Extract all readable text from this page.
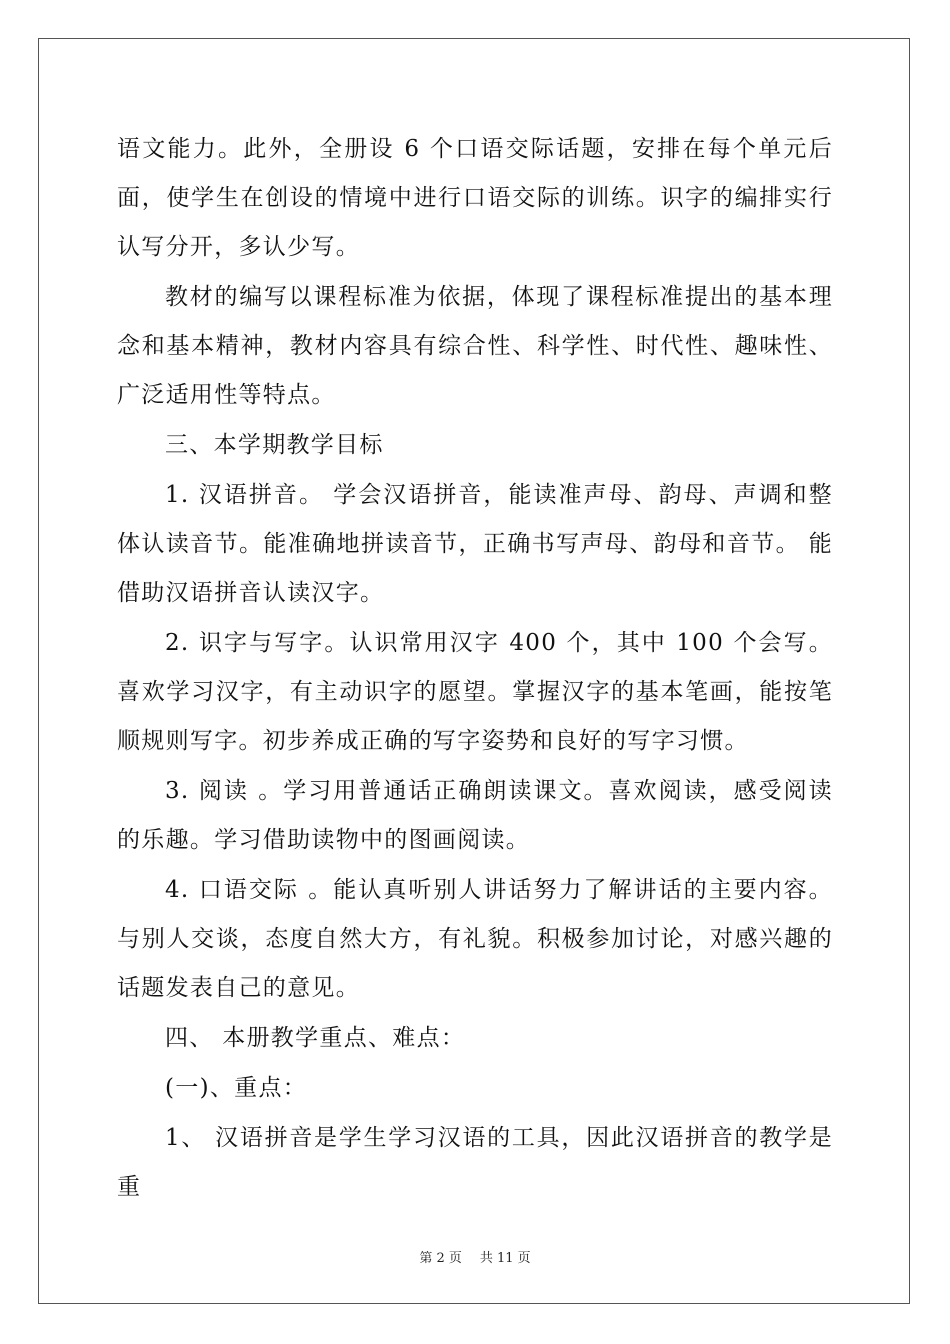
语文能力。此外，全册设 6 个口语交际话题，安排在每个单元后面，使学生在创设的情境中进行口语交际的训练。识字的编排实行认写分开，多认少写。

教材的编写以课程标准为依据，体现了课程标准提出的基本理念和基本精神，教材内容具有综合性、科学性、时代性、趣味性、广泛适用性等特点。

三、本学期教学目标

1. 汉语拼音。 学会汉语拼音，能读准声母、韵母、声调和整体认读音节。能准确地拼读音节，正确书写声母、韵母和音节。 能借助汉语拼音认读汉字。

2. 识字与写字。认识常用汉字 400 个，其中 100 个会写。 喜欢学习汉字，有主动识字的愿望。掌握汉字的基本笔画，能按笔顺规则写字。初步养成正确的写字姿势和良好的写字习惯。

3. 阅读 。学习用普通话正确朗读课文。喜欢阅读，感受阅读的乐趣。学习借助读物中的图画阅读。

4. 口语交际 。能认真听别人讲话努力了解讲话的主要内容。与别人交谈，态度自然大方，有礼貌。积极参加讨论，对感兴趣的话题发表自己的意见。

四、 本册教学重点、难点：

(一)、重点：

1、 汉语拼音是学生学习汉语的工具，因此汉语拼音的教学是重

第 2 页 共 11 页
